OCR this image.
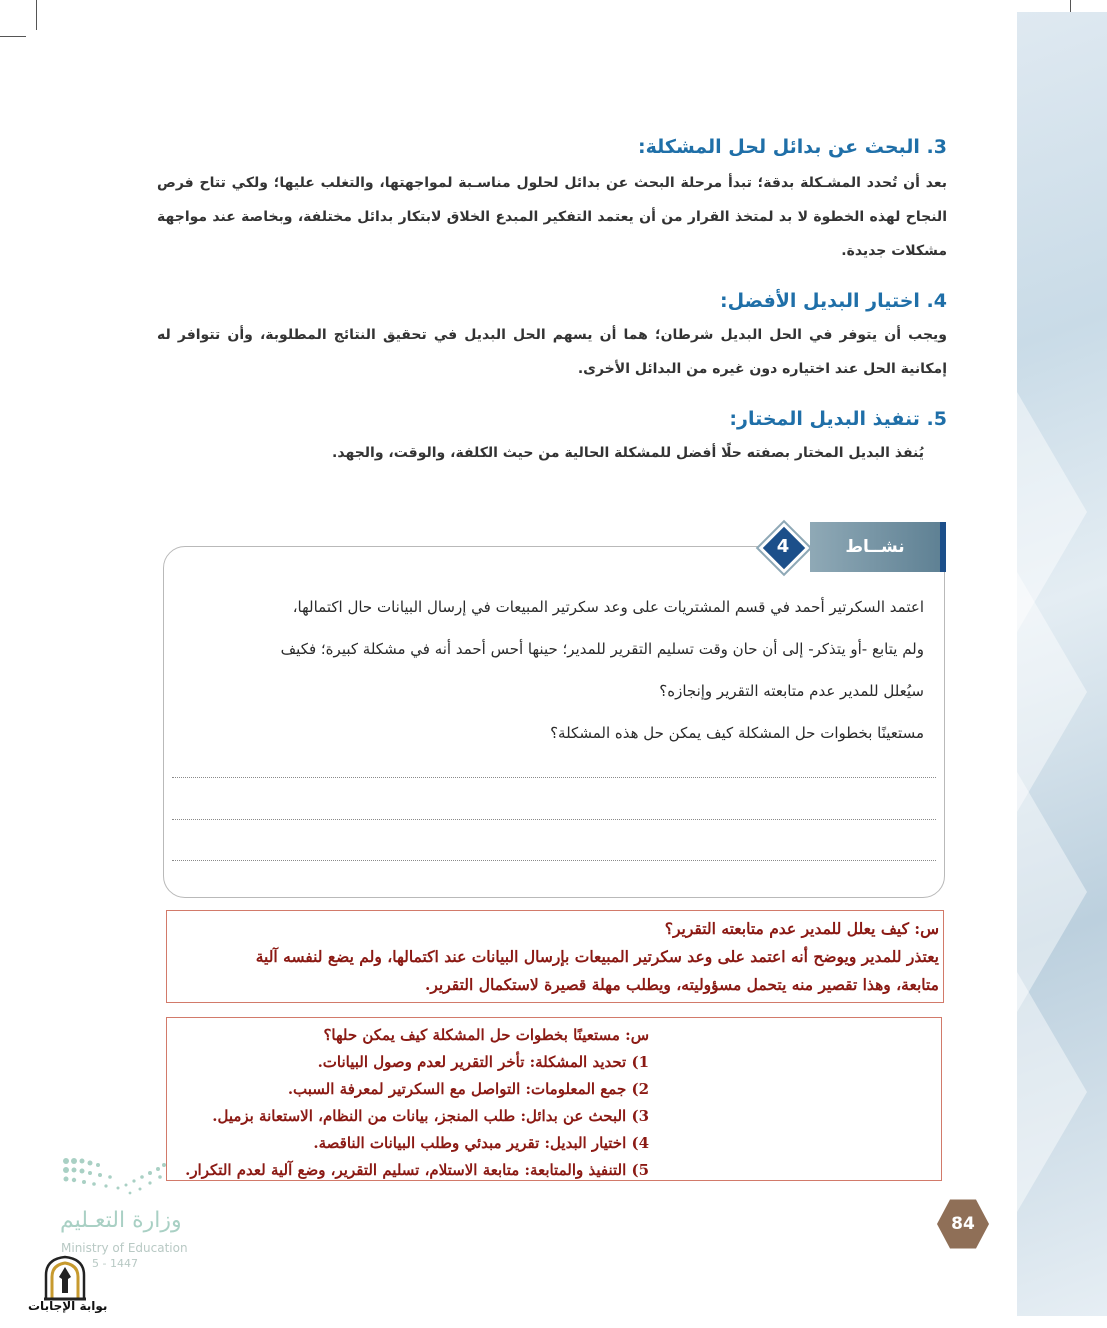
3. البحث عن بدائل لحل المشكلة:

بعد أن تُحدد المشـكلة بدقة؛ تبدأ مرحلة البحث عن بدائل لحلول مناسـبة لمواجهتها، والتغلب عليها؛ ولكي تتاح فرص النجاح لهذه الخطوة لا بد لمتخذ القرار من أن يعتمد التفكير المبدع الخلاق لابتكار بدائل مختلفة، وبخاصة عند مواجهة مشكلات جديدة.

4. اختيار البديل الأفضل:

ويجب أن يتوفر في الحل البديل شرطان؛ هما أن يسهم الحل البديل في تحقيق النتائج المطلوبة، وأن تتوافر له إمكانية الحل عند اختياره دون غيره من البدائل الأخرى.

5. تنفيذ البديل المختار:

يُنفذ البديل المختار بصفته حلًا أفضل للمشكلة الحالية من حيث الكلفة، والوقت، والجهد.

نشــاط
4

اعتمد السكرتير أحمد في قسم المشتريات على وعد سكرتير المبيعات في إرسال البيانات حال اكتمالها،

ولم يتابع -أو يتذكر- إلى أن حان وقت تسليم التقرير للمدير؛ حينها أحس أحمد أنه في مشكلة كبيرة؛ فكيف

سيُعلل للمدير عدم متابعته التقرير وإنجازه؟

مستعينًا بخطوات حل المشكلة كيف يمكن حل هذه المشكلة؟

س: كيف يعلل للمدير عدم متابعته التقرير؟

يعتذر للمدير ويوضح أنه اعتمد على وعد سكرتير المبيعات بإرسال البيانات عند اكتمالها، ولم يضع لنفسه آلية

متابعة، وهذا تقصير منه يتحمل مسؤوليته، ويطلب مهلة قصيرة لاستكمال التقرير.

س: مستعينًا بخطوات حل المشكلة كيف يمكن حلها؟

1) تحديد المشكلة: تأخر التقرير لعدم وصول البيانات.

2) جمع المعلومات: التواصل مع السكرتير لمعرفة السبب.

3) البحث عن بدائل: طلب المنجز، بيانات من النظام، الاستعانة بزميل.

4) اختيار البديل: تقرير مبدئي وطلب البيانات الناقصة.

5) التنفيذ والمتابعة: متابعة الاستلام، تسليم التقرير، وضع آلية لعدم التكرار.

84
وزارة التعـليم
Ministry of Education
5 - 1447
بوابة الإجابات
